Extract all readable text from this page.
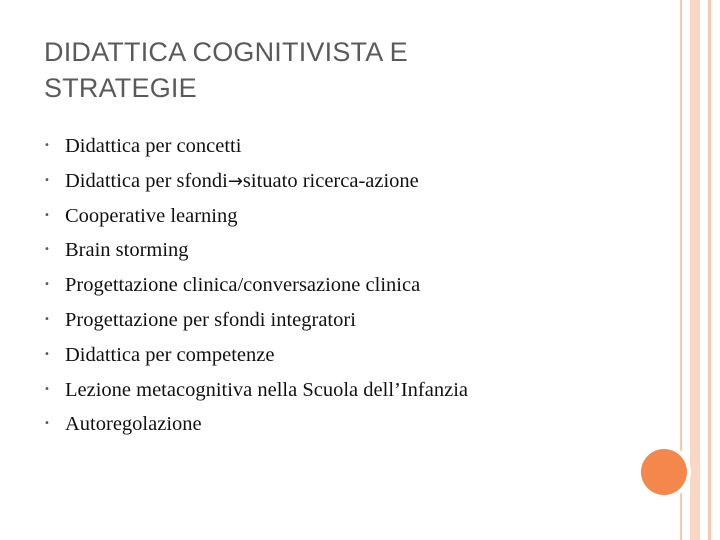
DIDATTICA COGNITIVISTA E
STRATEGIE
• Didattica per concetti
• Didattica per sfondi→situato ricerca-azione
• Cooperative learning
• Brain storming
• Progettazione clinica/conversazione clinica
• Progettazione per sfondi integratori
• Didattica per competenze
• Lezione metacognitiva nella Scuola dell’Infanzia
• Autoregolazione
